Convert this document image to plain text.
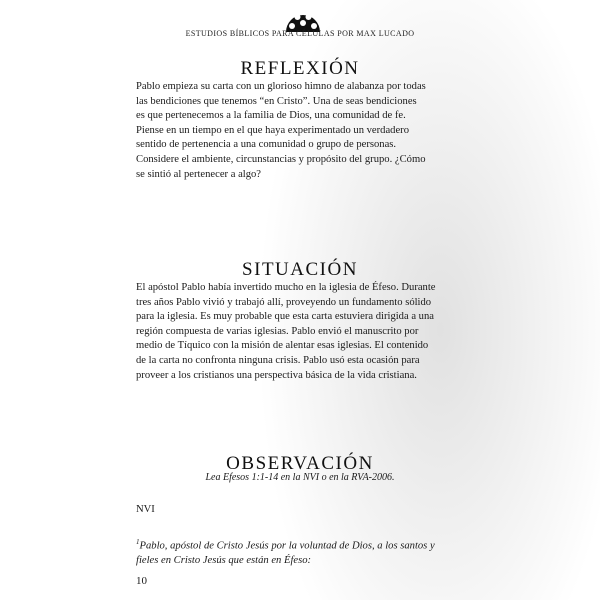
ESTUDIOS BÍBLICOS PARA CÉLULAS POR MAX LUCADO
REFLEXIÓN

Pablo empieza su carta con un glorioso himno de alabanza por todas
las bendiciones que tenemos “en Cristo”. Una de seas bendiciones
es que pertenecemos a la familia de Dios, una comunidad de fe.
Piense en un tiempo en el que haya experimentado un verdadero
sentido de pertenencia a una comunidad o grupo de personas.
Considere el ambiente, circunstancias y propósito del grupo. ¿Cómo
se sintió al pertenecer a algo?

SITUACIÓN

El apóstol Pablo había invertido mucho en la iglesia de Éfeso. Durante
tres años Pablo vivió y trabajó allí, proveyendo un fundamento sólido
para la iglesia. Es muy probable que esta carta estuviera dirigida a una
región compuesta de varias iglesias. Pablo envió el manuscrito por
medio de Tíquico con la misión de alentar esas iglesias. El contenido
de la carta no confronta ninguna crisis. Pablo usó esta ocasión para
proveer a los cristianos una perspectiva básica de la vida cristiana.

OBSERVACIÓN
Lea Efesos 1:1-14 en la NVI o en la RVA-2006.
NVI

$^1$Pablo, apóstol de Cristo Jesús por la voluntad de Dios, a los santos y
fieles en Cristo Jesús que están en Éfeso:

10
